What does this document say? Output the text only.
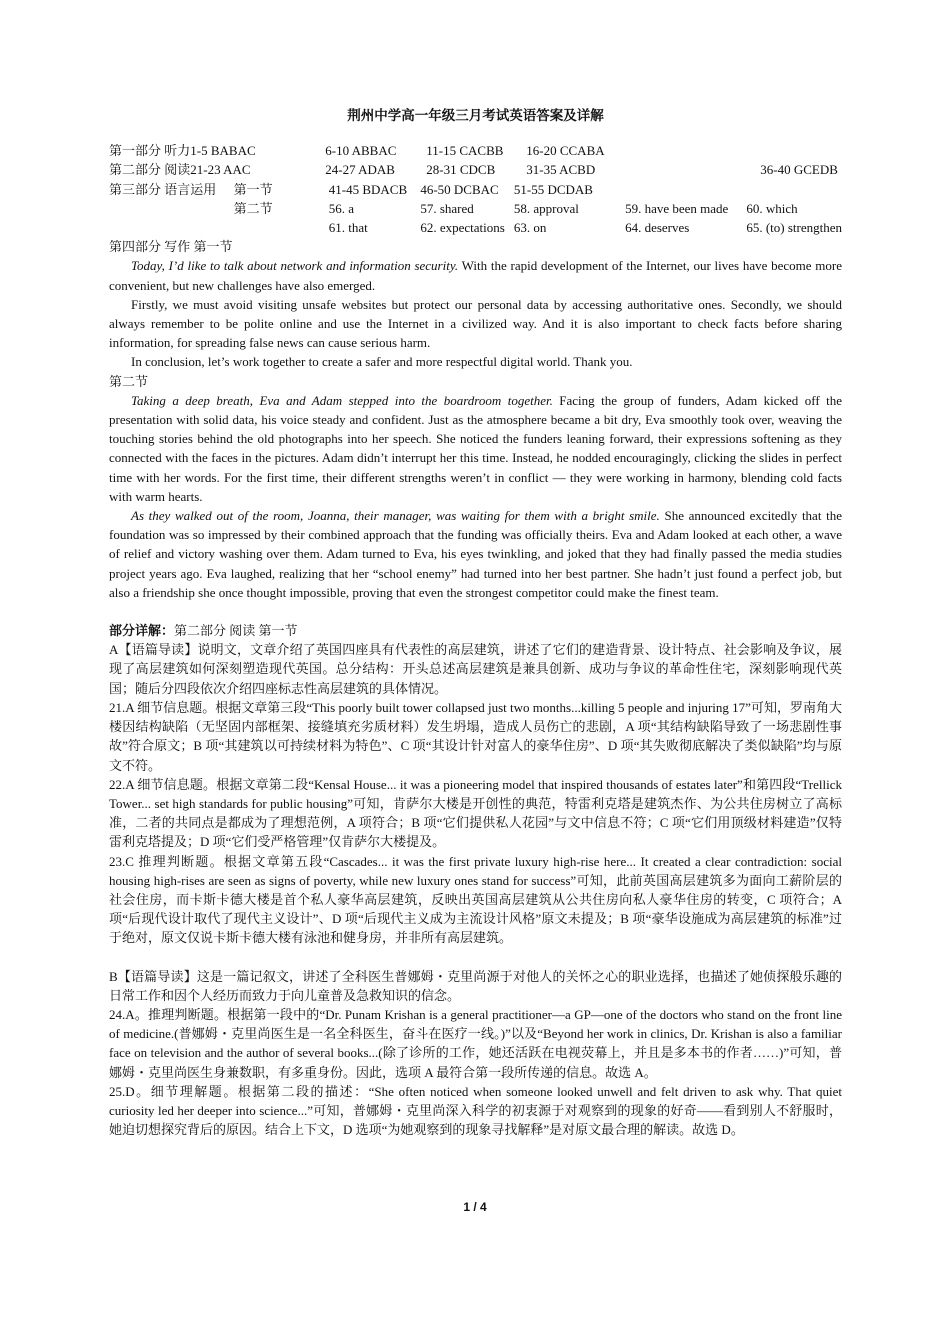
荆州中学高一年级三月考试英语答案及详解
第一部分 听力	1-5 BABAC	6-10 ABBAC	11-15 CACBB	16-20 CCABA		
第二部分 阅读	21-23 AAC	24-27 ADAB	28-31 CDCB	31-35 ACBD		36-40 GCEDB
第三部分 语言运用	第一节	41-45 BDACB	46-50 DCBAC	51-55 DCDAB		
	第二节	56. a	57. shared	58. approval	59. have been made	60. which
		61. that	62. expectations	63. on	64. deserves	65. (to) strengthen

第四部分 写作 第一节

Today, I’d like to talk about network and information security. With the rapid development of the Internet, our lives have become more convenient, but new challenges have also emerged.

Firstly, we must avoid visiting unsafe websites but protect our personal data by accessing authoritative ones. Secondly, we should always remember to be polite online and use the Internet in a civilized way. And it is also important to check facts before sharing information, for spreading false news can cause serious harm.

In conclusion, let’s work together to create a safer and more respectful digital world. Thank you.

第二节

Taking a deep breath, Eva and Adam stepped into the boardroom together. Facing the group of funders, Adam kicked off the presentation with solid data, his voice steady and confident. Just as the atmosphere became a bit dry, Eva smoothly took over, weaving the touching stories behind the old photographs into her speech. She noticed the funders leaning forward, their expressions softening as they connected with the faces in the pictures. Adam didn’t interrupt her this time. Instead, he nodded encouragingly, clicking the slides in perfect time with her words. For the first time, their different strengths weren’t in conflict — they were working in harmony, blending cold facts with warm hearts.

As they walked out of the room, Joanna, their manager, was waiting for them with a bright smile. She announced excitedly that the foundation was so impressed by their combined approach that the funding was officially theirs. Eva and Adam looked at each other, a wave of relief and victory washing over them. Adam turned to Eva, his eyes twinkling, and joked that they had finally passed the media studies project years ago. Eva laughed, realizing that her “school enemy” had turned into her best partner. She hadn’t just found a perfect job, but also a friendship she once thought impossible, proving that even the strongest competitor could make the finest team.

部分详解：第二部分 阅读 第一节

A【语篇导读】说明文，文章介绍了英国四座具有代表性的高层建筑，讲述了它们的建造背景、设计特点、社会影响及争议，展现了高层建筑如何深刻塑造现代英国。总分结构：开头总述高层建筑是兼具创新、成功与争议的革命性住宅，深刻影响现代英国；随后分四段依次介绍四座标志性高层建筑的具体情况。

21.A 细节信息题。根据文章第三段“This poorly built tower collapsed just two months...killing 5 people and injuring 17”可知，罗南角大楼因结构缺陷（无坚固内部框架、接缝填充劣质材料）发生坍塌，造成人员伤亡的悲剧，A 项“其结构缺陷导致了一场悲剧性事故”符合原文；B 项“其建筑以可持续材料为特色”、C 项“其设计针对富人的豪华住房”、D 项“其失败彻底解决了类似缺陷”均与原文不符。

22.A 细节信息题。根据文章第二段“Kensal House... it was a pioneering model that inspired thousands of estates later”和第四段“Trellick Tower... set high standards for public housing”可知，肯萨尔大楼是开创性的典范，特雷利克塔是建筑杰作、为公共住房树立了高标准，二者的共同点是都成为了理想范例，A 项符合；B 项“它们提供私人花园”与文中信息不符；C 项“它们用顶级材料建造”仅特雷利克塔提及；D 项“它们受严格管理”仅肯萨尔大楼提及。

23.C 推理判断题。根据文章第五段“Cascades... it was the first private luxury high-rise here... It created a clear contradiction: social housing high-rises are seen as signs of poverty, while new luxury ones stand for success”可知，此前英国高层建筑多为面向工薪阶层的社会住房，而卡斯卡德大楼是首个私人豪华高层建筑，反映出英国高层建筑从公共住房向私人豪华住房的转变，C 项符合；A 项“后现代设计取代了现代主义设计”、D 项“后现代主义成为主流设计风格”原文未提及；B 项“豪华设施成为高层建筑的标准”过于绝对，原文仅说卡斯卡德大楼有泳池和健身房，并非所有高层建筑。

B【语篇导读】这是一篇记叙文，讲述了全科医生普娜姆・克里尚源于对他人的关怀之心的职业选择，也描述了她侦探般乐趣的日常工作和因个人经历而致力于向儿童普及急救知识的信念。

24.A。推理判断题。根据第一段中的“Dr. Punam Krishan is a general practitioner—a GP—one of the doctors who stand on the front line of medicine.(普娜姆・克里尚医生是一名全科医生，奋斗在医疗一线。)”以及“Beyond her work in clinics, Dr. Krishan is also a familiar face on television and the author of several books...(除了诊所的工作，她还活跃在电视荧幕上，并且是多本书的作者……)”可知，普娜姆・克里尚医生身兼数职，有多重身份。因此，选项 A 最符合第一段所传递的信息。故选 A。

25.D。细节理解题。根据第二段的描述：“She often noticed when someone looked unwell and felt driven to ask why. That quiet curiosity led her deeper into science...”可知，普娜姆・克里尚深入科学的初衷源于对观察到的现象的好奇——看到别人不舒服时，她迫切想探究背后的原因。结合上下文，D 选项“为她观察到的现象寻找解释”是对原文最合理的解读。故选 D。

1 / 4
